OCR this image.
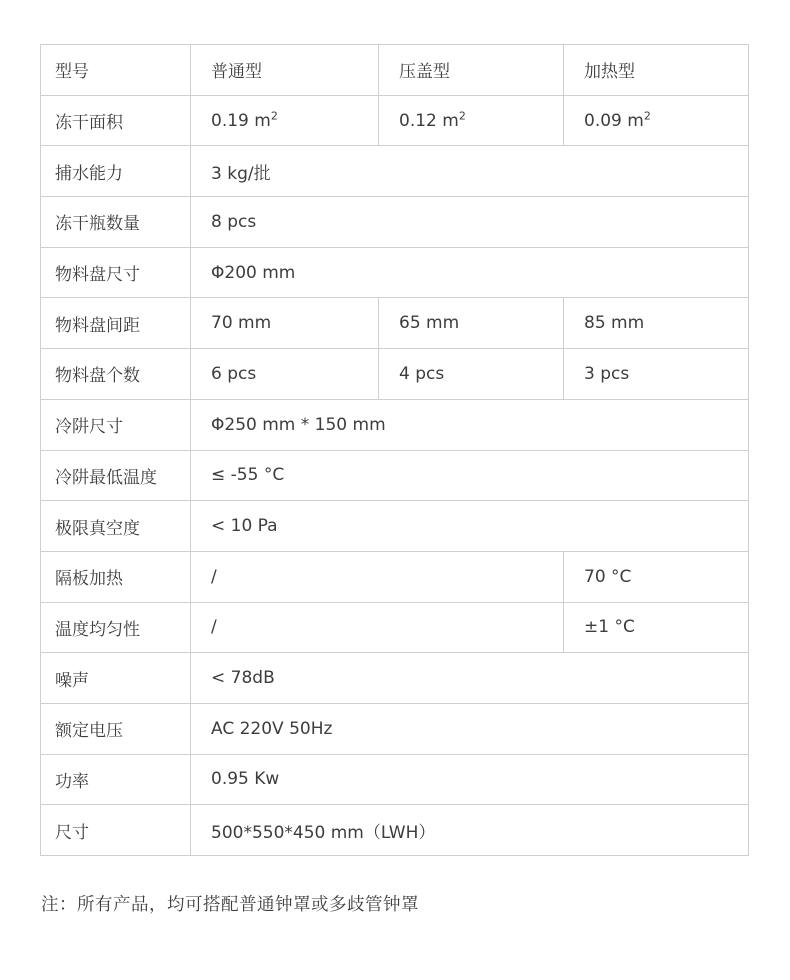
型号	普通型	压盖型	加热型
冻干面积	0.19 $m^2$	0.12 $m^2$	0.09 $m^2$
捕水能力	3 kg/批		
冻干瓶数量	8 pcs		
物料盘尺寸	Φ200 mm		
物料盘间距	70 mm	65 mm	85 mm
物料盘个数	6 pcs	4 pcs	3 pcs
冷阱尺寸	Φ250 mm * 150 mm		
冷阱最低温度	≤ -55 °C		
极限真空度	< 10 Pa		
隔板加热	/		70 °C
温度均匀性	/		±1 °C
噪声	< 78dB		
额定电压	AC 220V 50Hz		
功率	0.95 Kw		
尺寸	500*550*450 mm（LWH）		

注：所有产品，均可搭配普通钟罩或多歧管钟罩
